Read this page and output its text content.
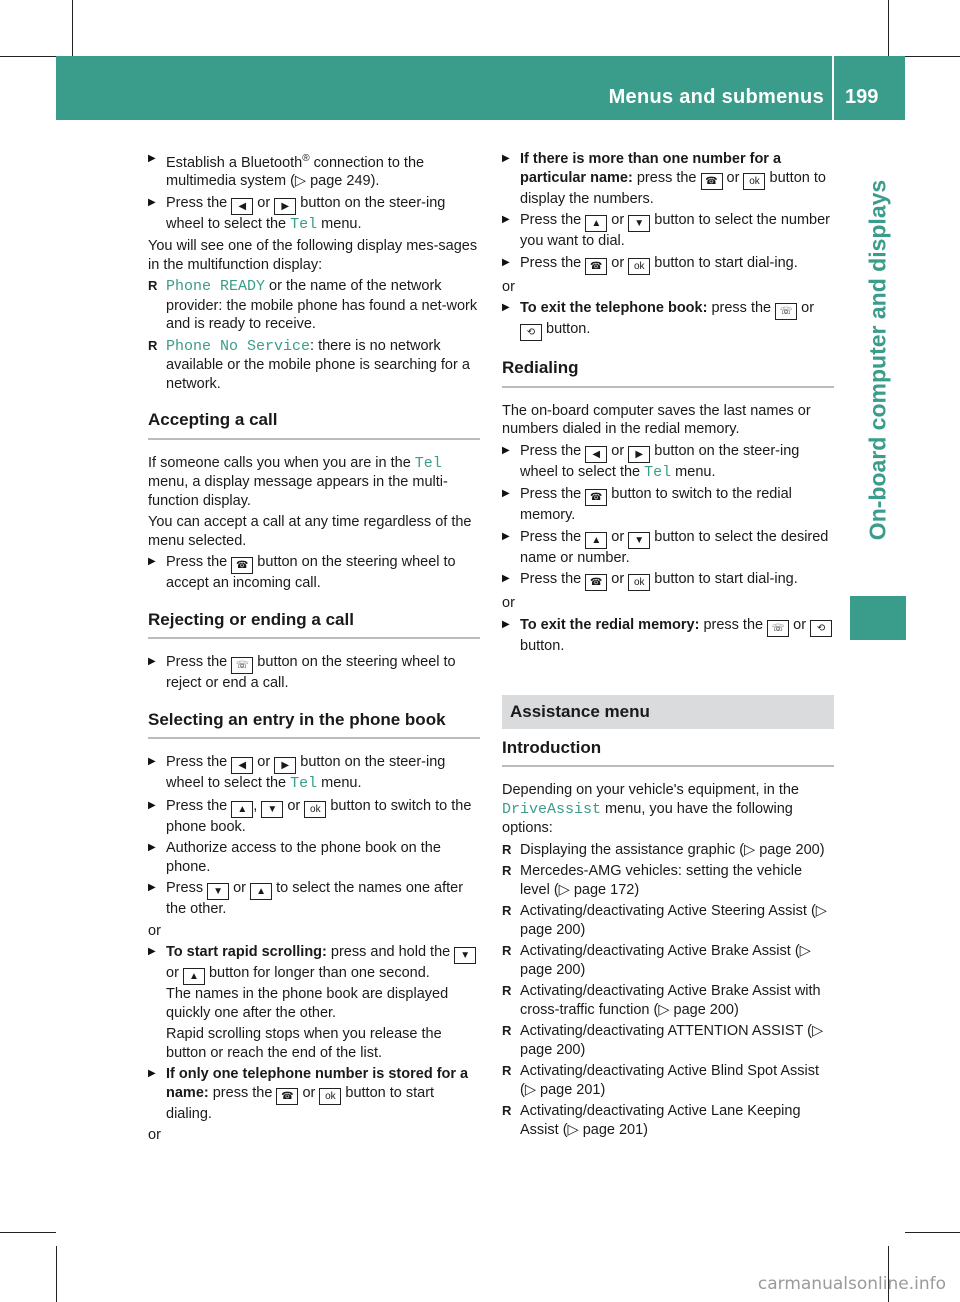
Menus and submenus 199
On-board computer and displays
▶ Establish a Bluetooth® connection to the multimedia system (▷ page 249).
▶ Press the ◀ or ▶ button on the steer-ing wheel to select the Tel menu.
You will see one of the following display mes-sages in the multifunction display:
R Phone READY or the name of the network provider: the mobile phone has found a net-work and is ready to receive.
R Phone No Service: there is no network available or the mobile phone is searching for a network.
Accepting a call
If someone calls you when you are in the Tel menu, a display message appears in the multi-function display.
You can accept a call at any time regardless of the menu selected.
▶ Press the ☎ button on the steering wheel to accept an incoming call.
Rejecting or ending a call
▶ Press the ☏ button on the steering wheel to reject or end a call.
Selecting an entry in the phone book
▶ Press the ◀ or ▶ button on the steer-ing wheel to select the Tel menu.
▶ Press the ▲ , ▼ or ok button to switch to the phone book.
▶ Authorize access to the phone book on the phone.
▶ Press ▼ or ▲ to select the names one after the other.
or
▶ To start rapid scrolling: press and hold the ▼ or ▲ button for longer than one second.
The names in the phone book are displayed quickly one after the other.
Rapid scrolling stops when you release the button or reach the end of the list.
▶ If only one telephone number is stored for a name: press the ☎ or ok button to start dialing.
or
▶ If there is more than one number for a particular name: press the ☎ or ok button to display the numbers.
▶ Press the ▲ or ▼ button to select the number you want to dial.
▶ Press the ☎ or ok button to start dial-ing.
or
▶ To exit the telephone book: press the ☏ or ⟲ button.
Redialing
The on-board computer saves the last names or numbers dialed in the redial memory.
▶ Press the ◀ or ▶ button on the steer-ing wheel to select the Tel menu.
▶ Press the ☎ button to switch to the redial memory.
▶ Press the ▲ or ▼ button to select the desired name or number.
▶ Press the ☎ or ok button to start dial-ing.
or
▶ To exit the redial memory: press the ☏ or ⟲ button.
Assistance menu
Introduction
Depending on your vehicle's equipment, in the DriveAssist menu, you have the following options:
R Displaying the assistance graphic (▷ page 200)
R Mercedes-AMG vehicles: setting the vehicle level (▷ page 172)
R Activating/deactivating Active Steering Assist (▷ page 200)
R Activating/deactivating Active Brake Assist (▷ page 200)
R Activating/deactivating Active Brake Assist with cross-traffic function (▷ page 200)
R Activating/deactivating ATTENTION ASSIST (▷ page 200)
R Activating/deactivating Active Blind Spot Assist (▷ page 201)
R Activating/deactivating Active Lane Keeping Assist (▷ page 201)
carmanualsonline.info
